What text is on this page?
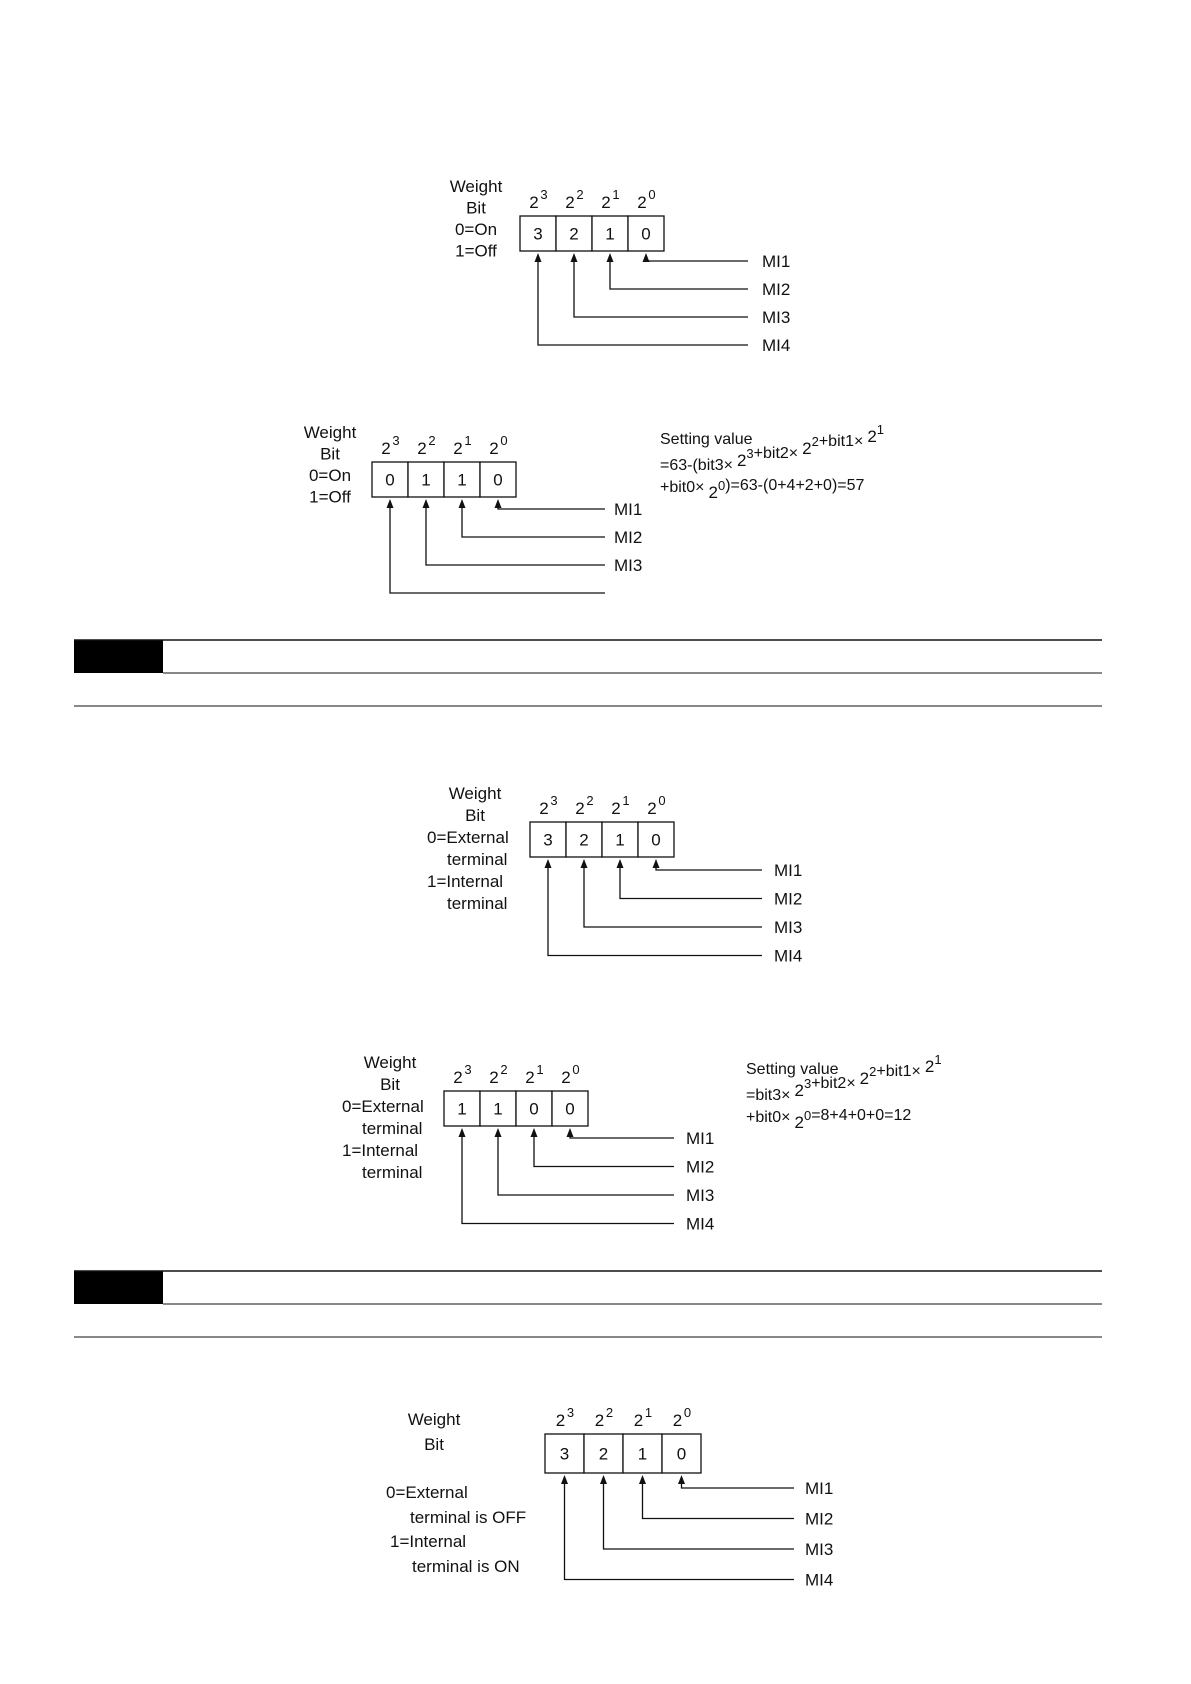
Weight
Bit
0=On
1=Off
2 3 2 2 2 1 2 0
3 2 1 0
MI1
MI2
MI3
MI4
Weight
Bit
0=On
1=Off
2 3 2 2 2 1 2 0
0 1 1 0
MI1
MI2
MI3
Setting value
$=63-(bit3\times 2^3+bit2\times 2^2+bit1\times 2^1$
$+bit0\times 2^0)=63-(0+4+2+0)=57$
Weight
Bit
0=External
terminal
1=Internal
terminal
2 3 2 2 2 1 2 0
3 2 1 0
MI1
MI2
MI3
MI4
Weight
Bit
0=External
terminal
1=Internal
terminal
2 3 2 2 2 1 2 0
1 1 0 0
MI1
MI2
MI3
MI4
Setting value
$=bit3\times 2^3+bit2\times 2^2+bit1\times 2^1$
$+bit0\times 2^0=8+4+0+0=12$
Weight
Bit
0=External
terminal is OFF
1=Internal
terminal is ON
2 3 2 2 2 1 2 0
3 2 1 0
MI1
MI2
MI3
MI4
